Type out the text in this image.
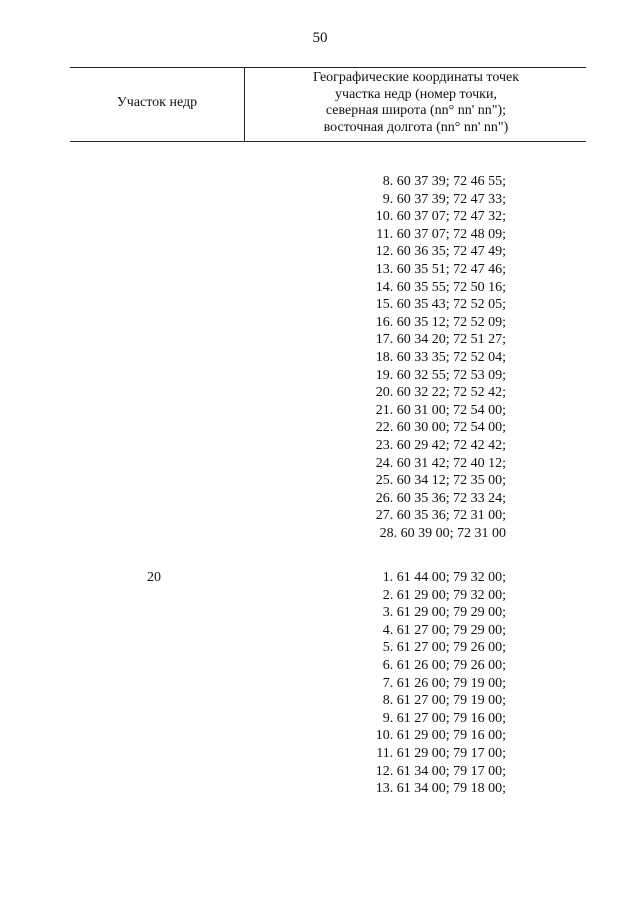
50
Участок недр
Географические координаты точек
участка недр (номер точки,
северная широта (nn° nn' nn");
восточная долгота (nn° nn' nn")
8. 60 37 39; 72 46 55;
9. 60 37 39; 72 47 33;
10. 60 37 07; 72 47 32;
11. 60 37 07; 72 48 09;
12. 60 36 35; 72 47 49;
13. 60 35 51; 72 47 46;
14. 60 35 55; 72 50 16;
15. 60 35 43; 72 52 05;
16. 60 35 12; 72 52 09;
17. 60 34 20; 72 51 27;
18. 60 33 35; 72 52 04;
19. 60 32 55; 72 53 09;
20. 60 32 22; 72 52 42;
21. 60 31 00; 72 54 00;
22. 60 30 00; 72 54 00;
23. 60 29 42; 72 42 42;
24. 60 31 42; 72 40 12;
25. 60 34 12; 72 35 00;
26. 60 35 36; 72 33 24;
27. 60 35 36; 72 31 00;
28. 60 39 00; 72 31 00
20	1. 61 44 00; 79 32 00;
2. 61 29 00; 79 32 00;
3. 61 29 00; 79 29 00;
4. 61 27 00; 79 29 00;
5. 61 27 00; 79 26 00;
6. 61 26 00; 79 26 00;
7. 61 26 00; 79 19 00;
8. 61 27 00; 79 19 00;
9. 61 27 00; 79 16 00;
10. 61 29 00; 79 16 00;
11. 61 29 00; 79 17 00;
12. 61 34 00; 79 17 00;
13. 61 34 00; 79 18 00;
